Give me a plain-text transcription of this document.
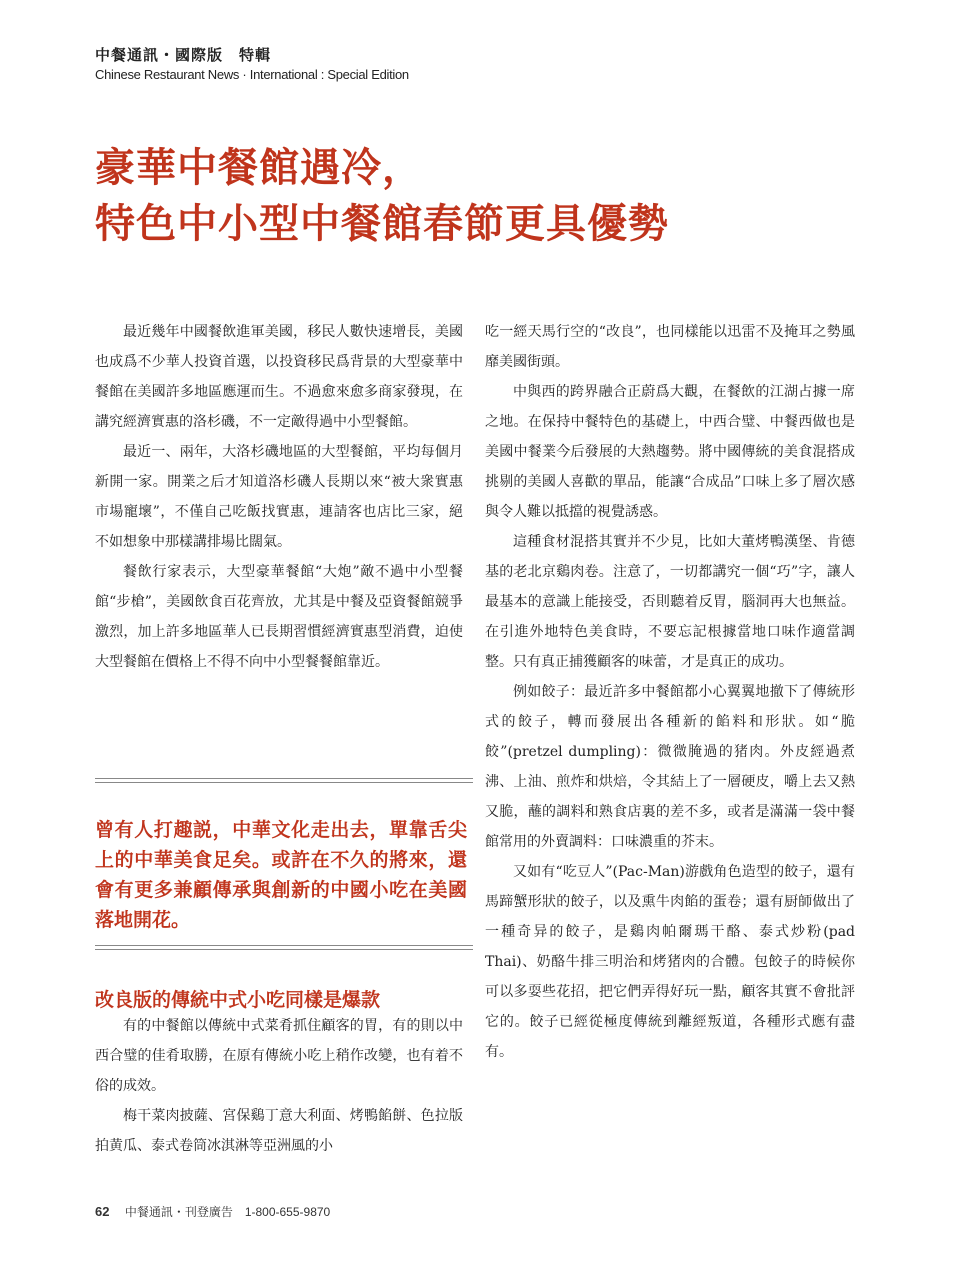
中餐通訊・國際版　特輯
Chinese Restaurant News · International : Special Edition
豪華中餐館遇冷，
特色中小型中餐館春節更具優勢

最近幾年中國餐飲進軍美國，移民人數快速增長，美國也成爲不少華人投資首選，以投資移民爲背景的大型豪華中餐館在美國許多地區應運而生。不過愈來愈多商家發現，在講究經濟實惠的洛杉磯，不一定敵得過中小型餐館。

最近一、兩年，大洛杉磯地區的大型餐館，平均每個月新開一家。開業之后才知道洛杉磯人長期以來“被大衆實惠市場寵壞”，不僅自己吃飯找實惠，連請客也店比三家，絕不如想象中那樣講排場比闊氣。

餐飲行家表示，大型豪華餐館“大炮”敵不過中小型餐館“步槍”，美國飲食百花齊放，尤其是中餐及亞資餐館競爭激烈，加上許多地區華人已長期習慣經濟實惠型消費，迫使大型餐館在價格上不得不向中小型餐餐館靠近。

曾有人打趣説，中華文化走出去，單靠舌尖上的中華美食足矣。或許在不久的將來，還會有更多兼顧傳承與創新的中國小吃在美國落地開花。

改良版的傳統中式小吃同樣是爆款

有的中餐館以傳統中式菜肴抓住顧客的胃，有的則以中西合璧的佳肴取勝，在原有傳統小吃上稍作改變，也有着不俗的成效。

梅干菜肉披薩、宮保鷄丁意大利面、烤鴨餡餅、色拉版拍黄瓜、泰式卷筒冰淇淋等亞洲風的小

吃一經天馬行空的“改良”，也同樣能以迅雷不及掩耳之勢風靡美國街頭。

中與西的跨界融合正蔚爲大觀，在餐飲的江湖占據一席之地。在保持中餐特色的基礎上，中西合璧、中餐西做也是美國中餐業今后發展的大熱趨勢。將中國傳統的美食混搭成挑剔的美國人喜歡的單品，能讓“合成品”口味上多了層次感與令人難以抵擋的視覺誘惑。

這種食材混搭其實并不少見，比如大董烤鴨漢堡、肯德基的老北京鷄肉卷。注意了，一切都講究一個“巧”字，讓人最基本的意識上能接受，否則聽着反胃，腦洞再大也無益。在引進外地特色美食時，不要忘記根據當地口味作適當調整。只有真正捕獲顧客的味蕾，才是真正的成功。

例如餃子：最近許多中餐館都小心翼翼地撤下了傳統形式的餃子，轉而發展出各種新的餡料和形狀。如“脆餃”(pretzel dumpling)：微微腌過的猪肉。外皮經過煮沸、上油、煎炸和烘焙，令其結上了一層硬皮，嚼上去又熱又脆，蘸的調料和熟食店裏的差不多，或者是滿滿一袋中餐館常用的外賣調料：口味濃重的芥末。

又如有“吃豆人”(Pac-Man)游戲角色造型的餃子，還有馬蹄蟹形狀的餃子，以及熏牛肉餡的蛋卷；還有厨師做出了一種奇异的餃子，是鷄肉帕爾瑪干酪、泰式炒粉(pad Thai)、奶酪牛排三明治和烤猪肉的合體。包餃子的時候你可以多耍些花招，把它們弄得好玩一點，顧客其實不會批評它的。餃子已經從極度傳統到離經叛道，各種形式應有盡有。

62 中餐通訊・刊登廣告　1-800-655-9870
